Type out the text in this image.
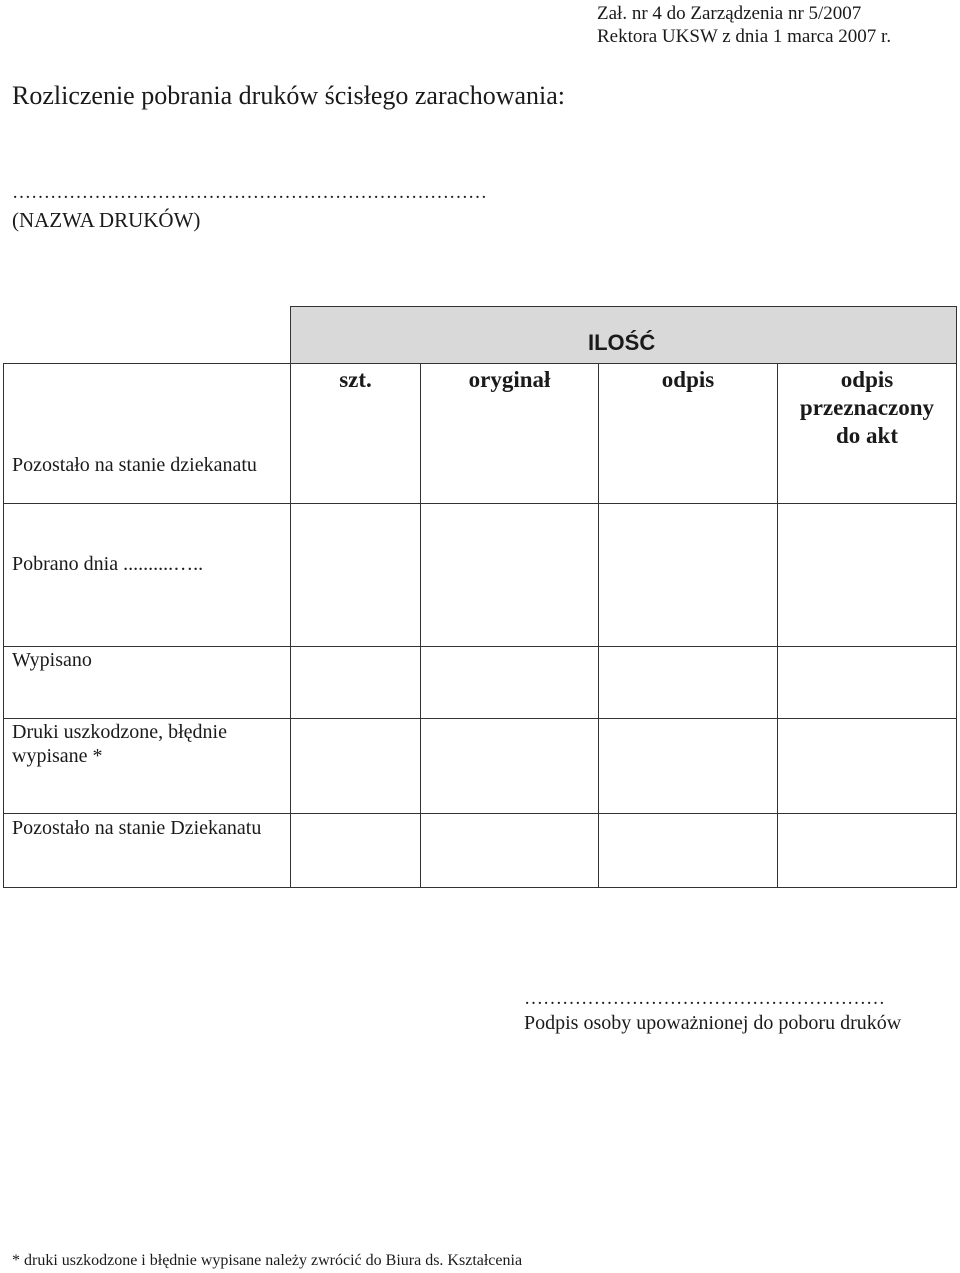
Zał. nr 4 do Zarządzenia nr 5/2007
Rektora UKSW z dnia 1 marca 2007 r.
Rozliczenie pobrania druków ścisłego zarachowania:
…………………………………………………………………
(NAZWA DRUKÓW)
ILOŚĆ
szt.	oryginał	odpis	odpis
przeznaczony
do akt
Pozostało na stanie dziekanatu
Pobrano dnia ..........…..
Wypisano
Druki uszkodzone, błędnie
wypisane *
Pozostało na stanie Dziekanatu
…………………………………………………
Podpis osoby upoważnionej do poboru druków
* druki uszkodzone i błędnie wypisane należy zwrócić do Biura ds. Kształcenia
